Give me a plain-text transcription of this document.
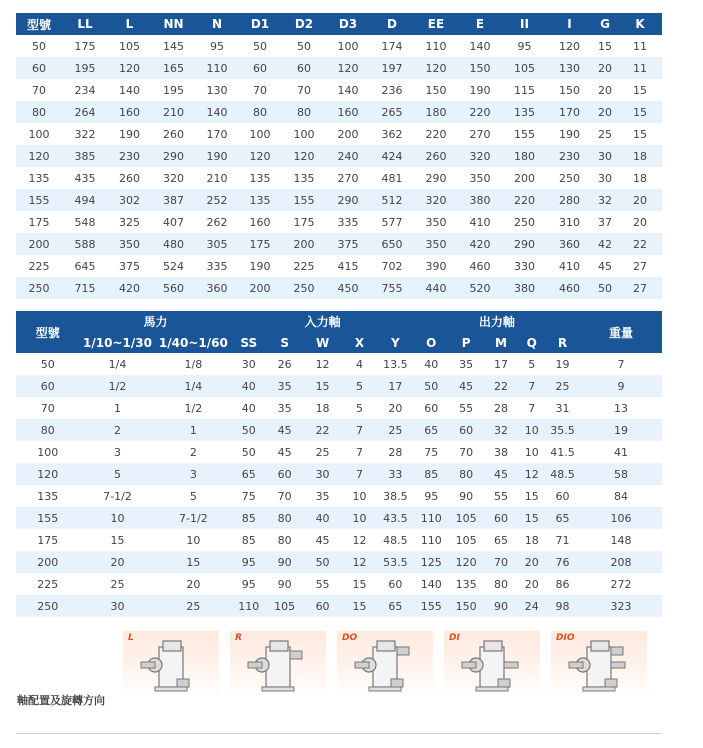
型號	LL	L	NN	N	D1	D2	D3	D	EE	E	II	I	G	K
50	175	105	145	95	50	50	100	174	110	140	95	120	15	11
60	195	120	165	110	60	60	120	197	120	150	105	130	20	11
70	234	140	195	130	70	70	140	236	150	190	115	150	20	15
80	264	160	210	140	80	80	160	265	180	220	135	170	20	15
100	322	190	260	170	100	100	200	362	220	270	155	190	25	15
120	385	230	290	190	120	120	240	424	260	320	180	230	30	18
135	435	260	320	210	135	135	270	481	290	350	200	250	30	18
155	494	302	387	252	135	155	290	512	320	380	220	280	32	20
175	548	325	407	262	160	175	335	577	350	410	250	310	37	20
200	588	350	480	305	175	200	375	650	350	420	290	360	42	22
225	645	375	524	335	190	225	415	702	390	460	330	410	45	27
250	715	420	560	360	200	250	450	755	440	520	380	460	50	27
型號	馬力		入力軸					出力軸					重量
	1/10~1/30	1/40~1/60	SS	S	W	X	Y	O	P	M	Q	R	
50	1/4	1/8	30	26	12	4	13.5	40	35	17	5	19	7
60	1/2	1/4	40	35	15	5	17	50	45	22	7	25	9
70	1	1/2	40	35	18	5	20	60	55	28	7	31	13
80	2	1	50	45	22	7	25	65	60	32	10	35.5	19
100	3	2	50	45	25	7	28	75	70	38	10	41.5	41
120	5	3	65	60	30	7	33	85	80	45	12	48.5	58
135	7-1/2	5	75	70	35	10	38.5	95	90	55	15	60	84
155	10	7-1/2	85	80	40	10	43.5	110	105	60	15	65	106
175	15	10	85	80	45	12	48.5	110	105	65	18	71	148
200	20	15	95	90	50	12	53.5	125	120	70	20	76	208
225	25	20	95	90	55	15	60	140	135	80	20	86	272
250	30	25	110	105	60	15	65	155	150	90	24	98	323
L	R	DO	DI	DIO
軸配置及旋轉方向
